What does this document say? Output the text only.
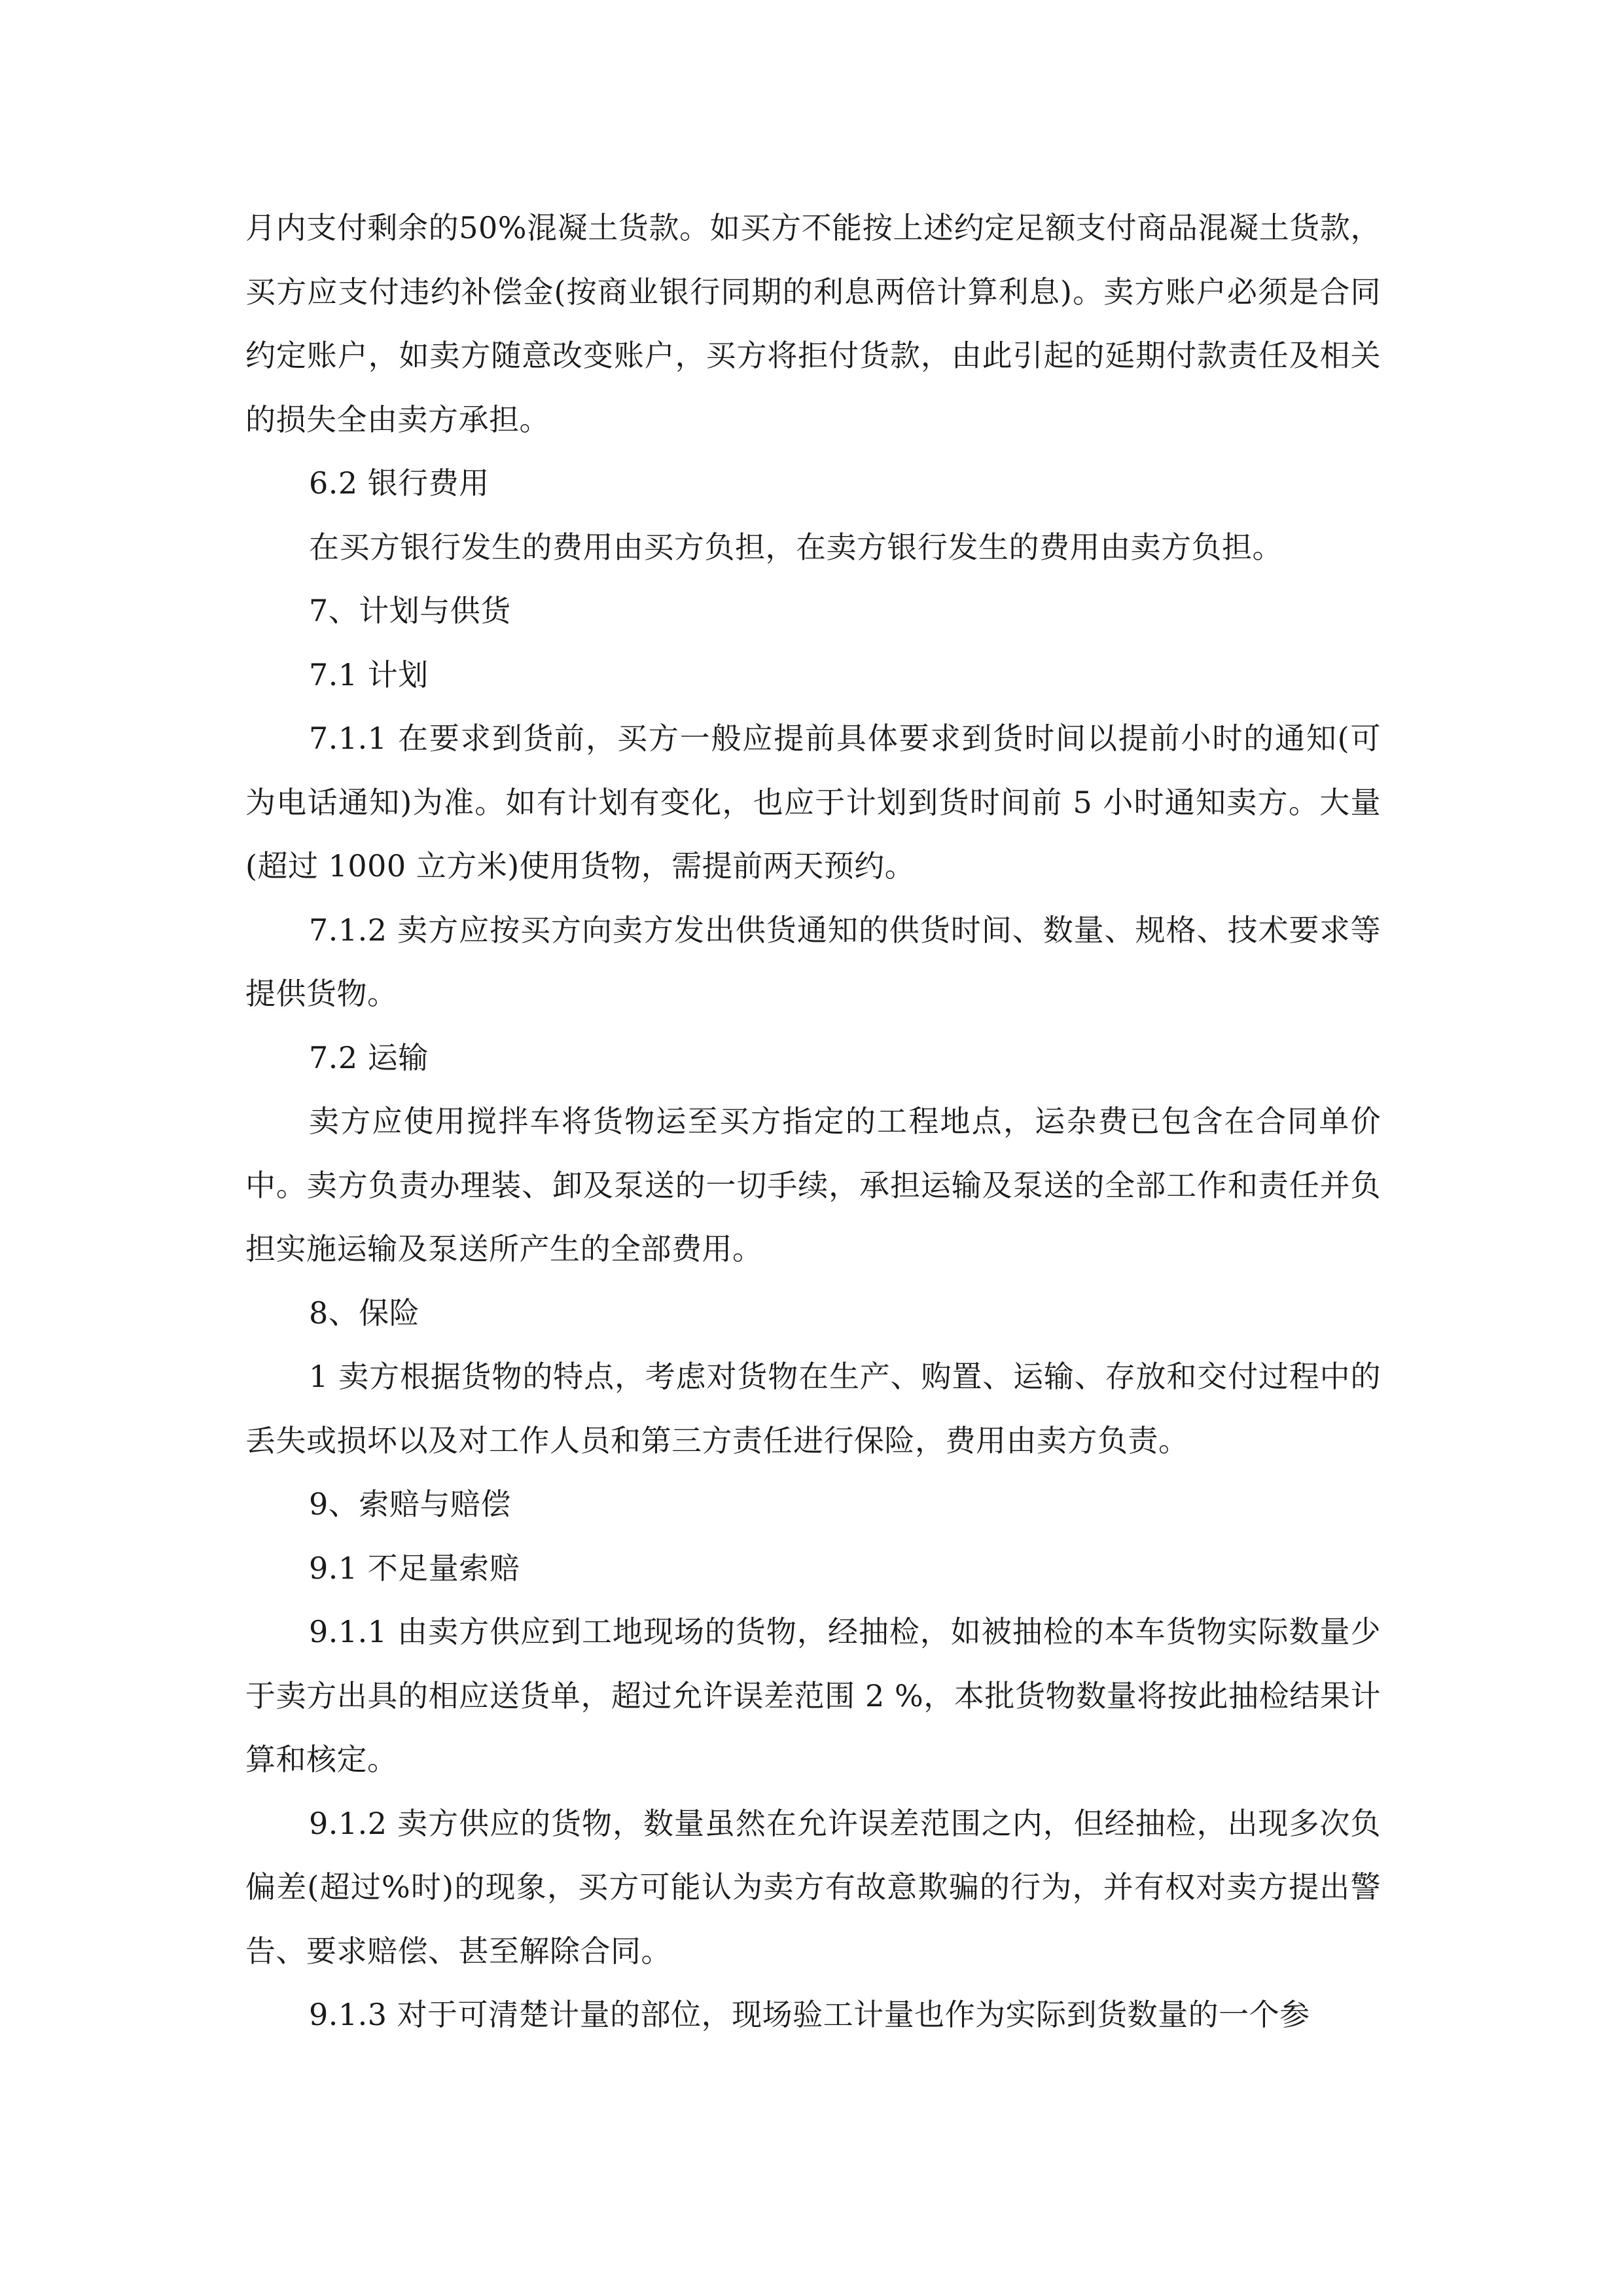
月内支付剩余的50%混凝土货款。如买方不能按上述约定足额支付商品混凝土货款，买方应支付违约补偿金(按商业银行同期的利息两倍计算利息)。卖方账户必须是合同约定账户，如卖方随意改变账户，买方将拒付货款，由此引起的延期付款责任及相关的损失全由卖方承担。

6.2 银行费用

在买方银行发生的费用由买方负担，在卖方银行发生的费用由卖方负担。

7、计划与供货

7.1 计划

7.1.1 在要求到货前，买方一般应提前具体要求到货时间以提前小时的通知(可为电话通知)为准。如有计划有变化，也应于计划到货时间前 5 小时通知卖方。大量(超过 1000 立方米)使用货物，需提前两天预约。

7.1.2 卖方应按买方向卖方发出供货通知的供货时间、数量、规格、技术要求等提供货物。

7.2 运输

卖方应使用搅拌车将货物运至买方指定的工程地点，运杂费已包含在合同单价中。卖方负责办理装、卸及泵送的一切手续，承担运输及泵送的全部工作和责任并负担实施运输及泵送所产生的全部费用。

8、保险

1 卖方根据货物的特点，考虑对货物在生产、购置、运输、存放和交付过程中的丢失或损坏以及对工作人员和第三方责任进行保险，费用由卖方负责。

9、索赔与赔偿

9.1 不足量索赔

9.1.1 由卖方供应到工地现场的货物，经抽检，如被抽检的本车货物实际数量少于卖方出具的相应送货单，超过允许误差范围 2 %，本批货物数量将按此抽检结果计算和核定。

9.1.2 卖方供应的货物，数量虽然在允许误差范围之内，但经抽检，出现多次负偏差(超过%时)的现象，买方可能认为卖方有故意欺骗的行为，并有权对卖方提出警告、要求赔偿、甚至解除合同。

9.1.3 对于可清楚计量的部位，现场验工计量也作为实际到货数量的一个参
